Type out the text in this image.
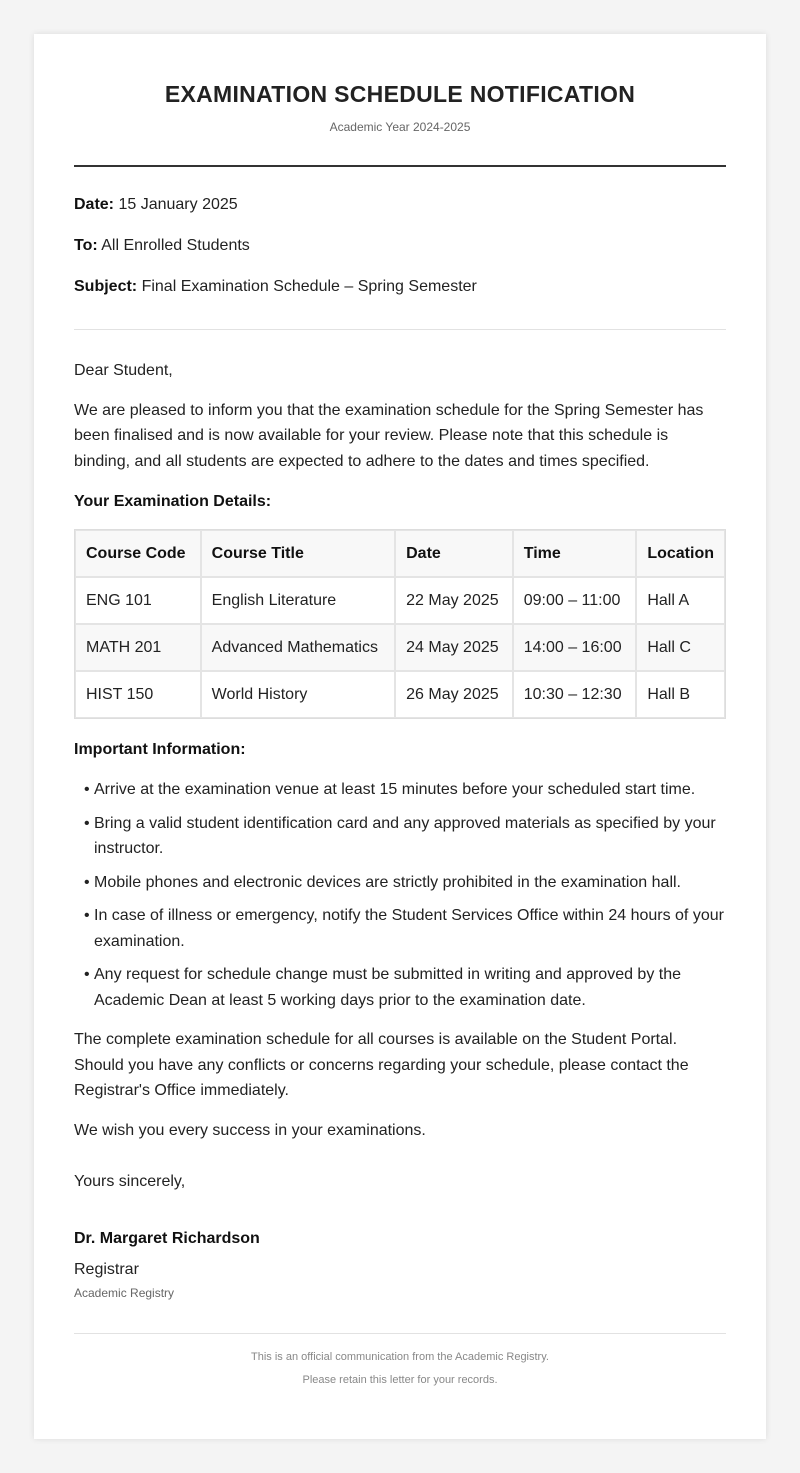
EXAMINATION SCHEDULE NOTIFICATION
Academic Year 2024-2025
Date: 15 January 2025
To: All Enrolled Students
Subject: Final Examination Schedule – Spring Semester

Dear Student,

We are pleased to inform you that the examination schedule for the Spring Semester has been finalised and is now available for your review. Please note that this schedule is binding, and all students are expected to adhere to the dates and times specified.

Your Examination Details:
Course Code	Course Title	Date	Time	Location
ENG 101	English Literature	22 May 2025	09:00 – 11:00	Hall A
MATH 201	Advanced Mathematics	24 May 2025	14:00 – 16:00	Hall C
HIST 150	World History	26 May 2025	10:30 – 12:30	Hall B
Important Information:
• Arrive at the examination venue at least 15 minutes before your scheduled start time.
• Bring a valid student identification card and any approved materials as specified by your instructor.
• Mobile phones and electronic devices are strictly prohibited in the examination hall.
• In case of illness or emergency, notify the Student Services Office within 24 hours of your examination.
• Any request for schedule change must be submitted in writing and approved by the Academic Dean at least 5 working days prior to the examination date.

The complete examination schedule for all courses is available on the Student Portal. Should you have any conflicts or concerns regarding your schedule, please contact the Registrar's Office immediately.

We wish you every success in your examinations.

Yours sincerely,

Dr. Margaret Richardson
Registrar
Academic Registry
This is an official communication from the Academic Registry.
Please retain this letter for your records.
